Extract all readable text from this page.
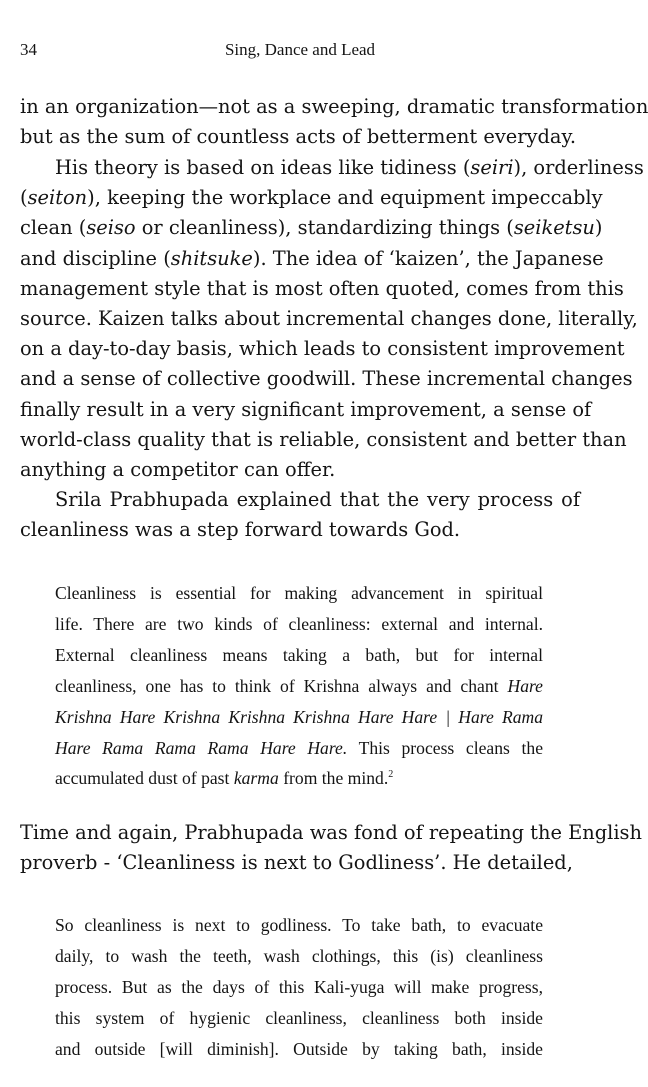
34	Sing, Dance and Lead
in an organization—not as a sweeping, dramatic transformation
but as the sum of countless acts of betterment everyday.
His theory is based on ideas like tidiness (seiri), orderliness
(seiton), keeping the workplace and equipment impeccably
clean (seiso or cleanliness), standardizing things (seiketsu)
and discipline (shitsuke). The idea of ‘kaizen’, the Japanese
management style that is most often quoted, comes from this
source. Kaizen talks about incremental changes done, literally,
on a day-to-day basis, which leads to consistent improvement
and a sense of collective goodwill. These incremental changes
finally result in a very significant improvement, a sense of
world-class quality that is reliable, consistent and better than
anything a competitor can offer.
Srila Prabhupada explained that the very process of
cleanliness was a step forward towards God.
Cleanliness is essential for making advancement in spiritual
life. There are two kinds of cleanliness: external and internal.
External cleanliness means taking a bath, but for internal
cleanliness, one has to think of Krishna always and chant Hare
Krishna Hare Krishna Krishna Krishna Hare Hare | Hare Rama
Hare Rama Rama Rama Hare Hare. This process cleans the
accumulated dust of past karma from the mind.$^2$
Time and again, Prabhupada was fond of repeating the English
proverb - ‘Cleanliness is next to Godliness’. He detailed,
So cleanliness is next to godliness. To take bath, to evacuate
daily, to wash the teeth, wash clothings, this (is) cleanliness
process. But as the days of this Kali-yuga will make progress,
this system of hygienic cleanliness, cleanliness both inside
and outside [will diminish]. Outside by taking bath, inside
